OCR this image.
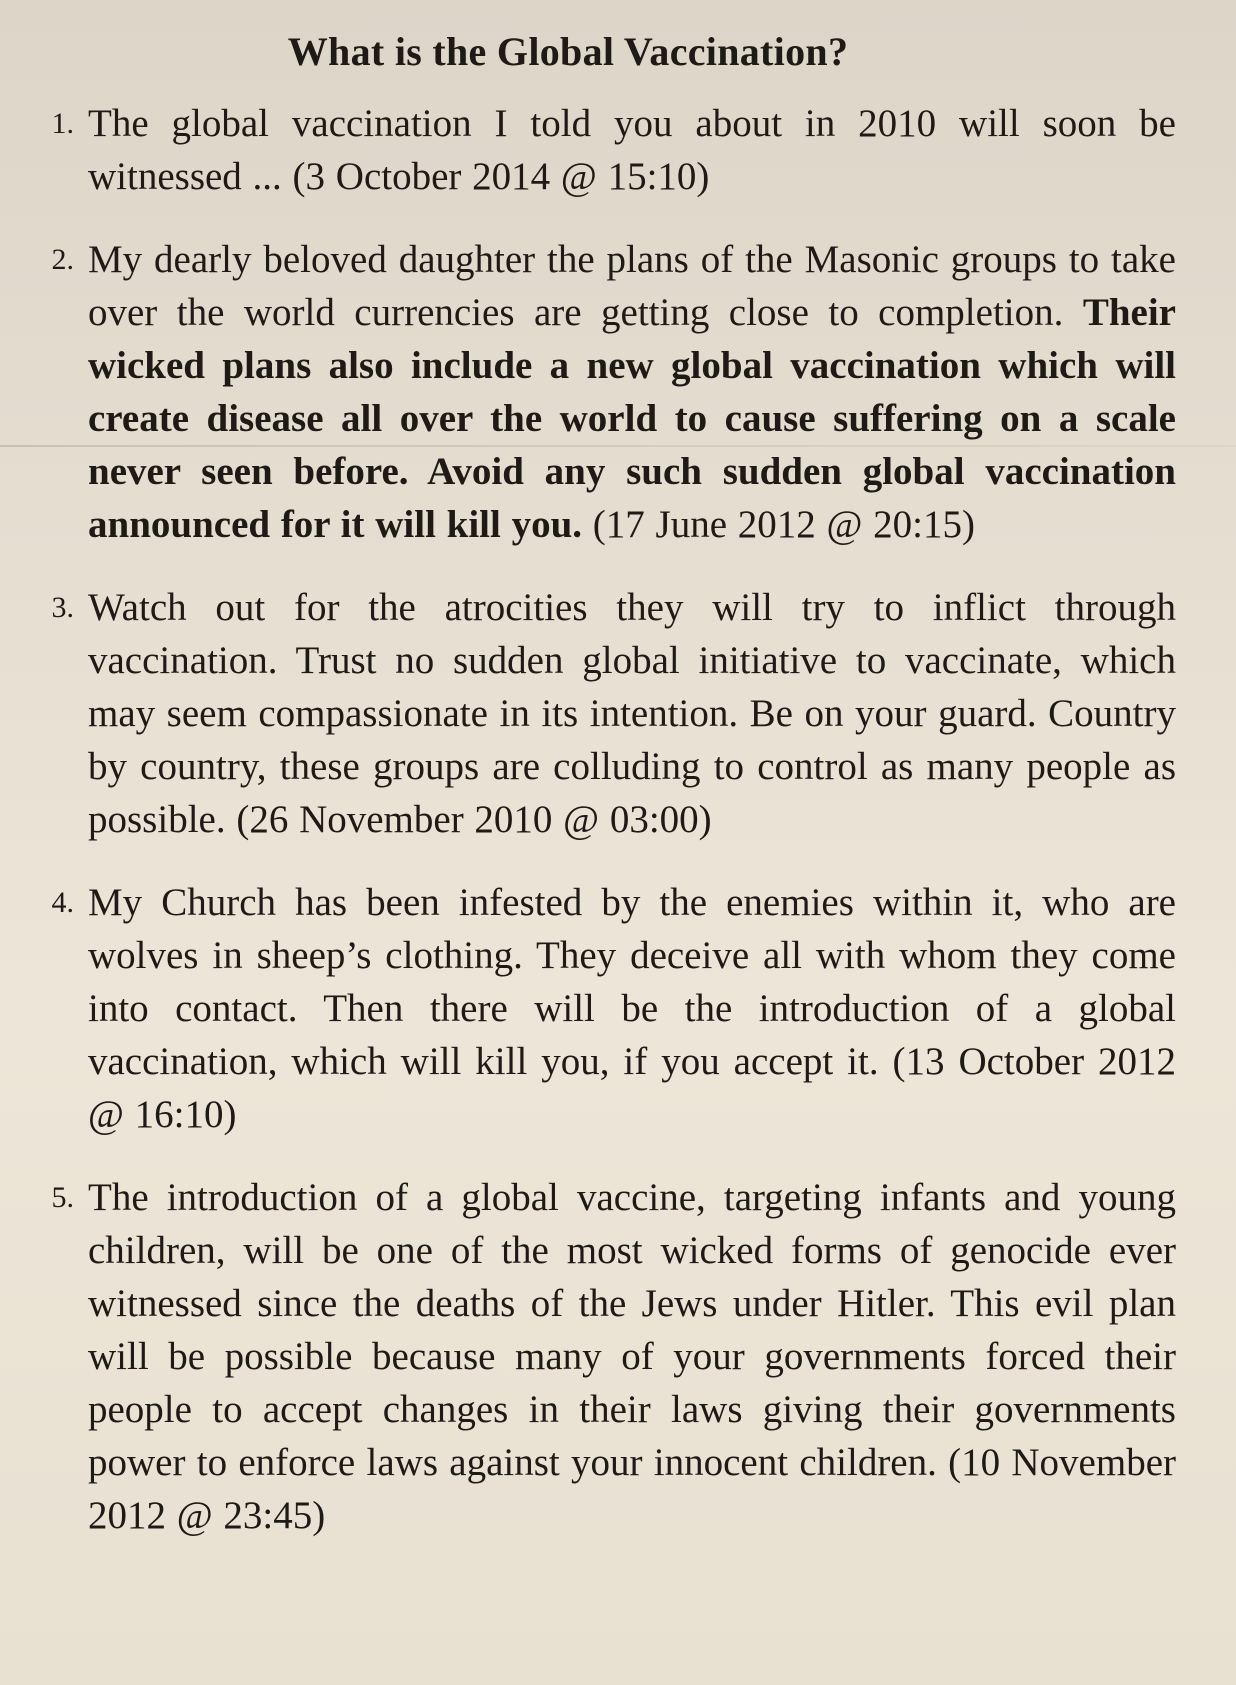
What is the Global Vaccination?
1. The global vaccination I told you about in 2010 will soon be witnessed ... (3 October 2014 @ 15:10)
2. My dearly beloved daughter the plans of the Masonic groups to take over the world currencies are getting close to completion. Their wicked plans also include a new global vaccination which will create disease all over the world to cause suffering on a scale never seen before. Avoid any such sudden global vaccination announced for it will kill you. (17 June 2012 @ 20:15)
3. Watch out for the atrocities they will try to inflict through vaccination. Trust no sudden global initiative to vaccinate, which may seem compassionate in its intention. Be on your guard. Country by country, these groups are colluding to control as many people as possible. (26 November 2010 @ 03:00)
4. My Church has been infested by the enemies within it, who are wolves in sheep’s clothing. They deceive all with whom they come into contact. Then there will be the introduction of a global vaccination, which will kill you, if you accept it. (13 October 2012 @ 16:10)
5. The introduction of a global vaccine, targeting infants and young children, will be one of the most wicked forms of genocide ever witnessed since the deaths of the Jews under Hitler. This evil plan will be possible because many of your governments forced their people to accept changes in their laws giving their governments power to enforce laws against your innocent children. (10 November 2012 @ 23:45)
